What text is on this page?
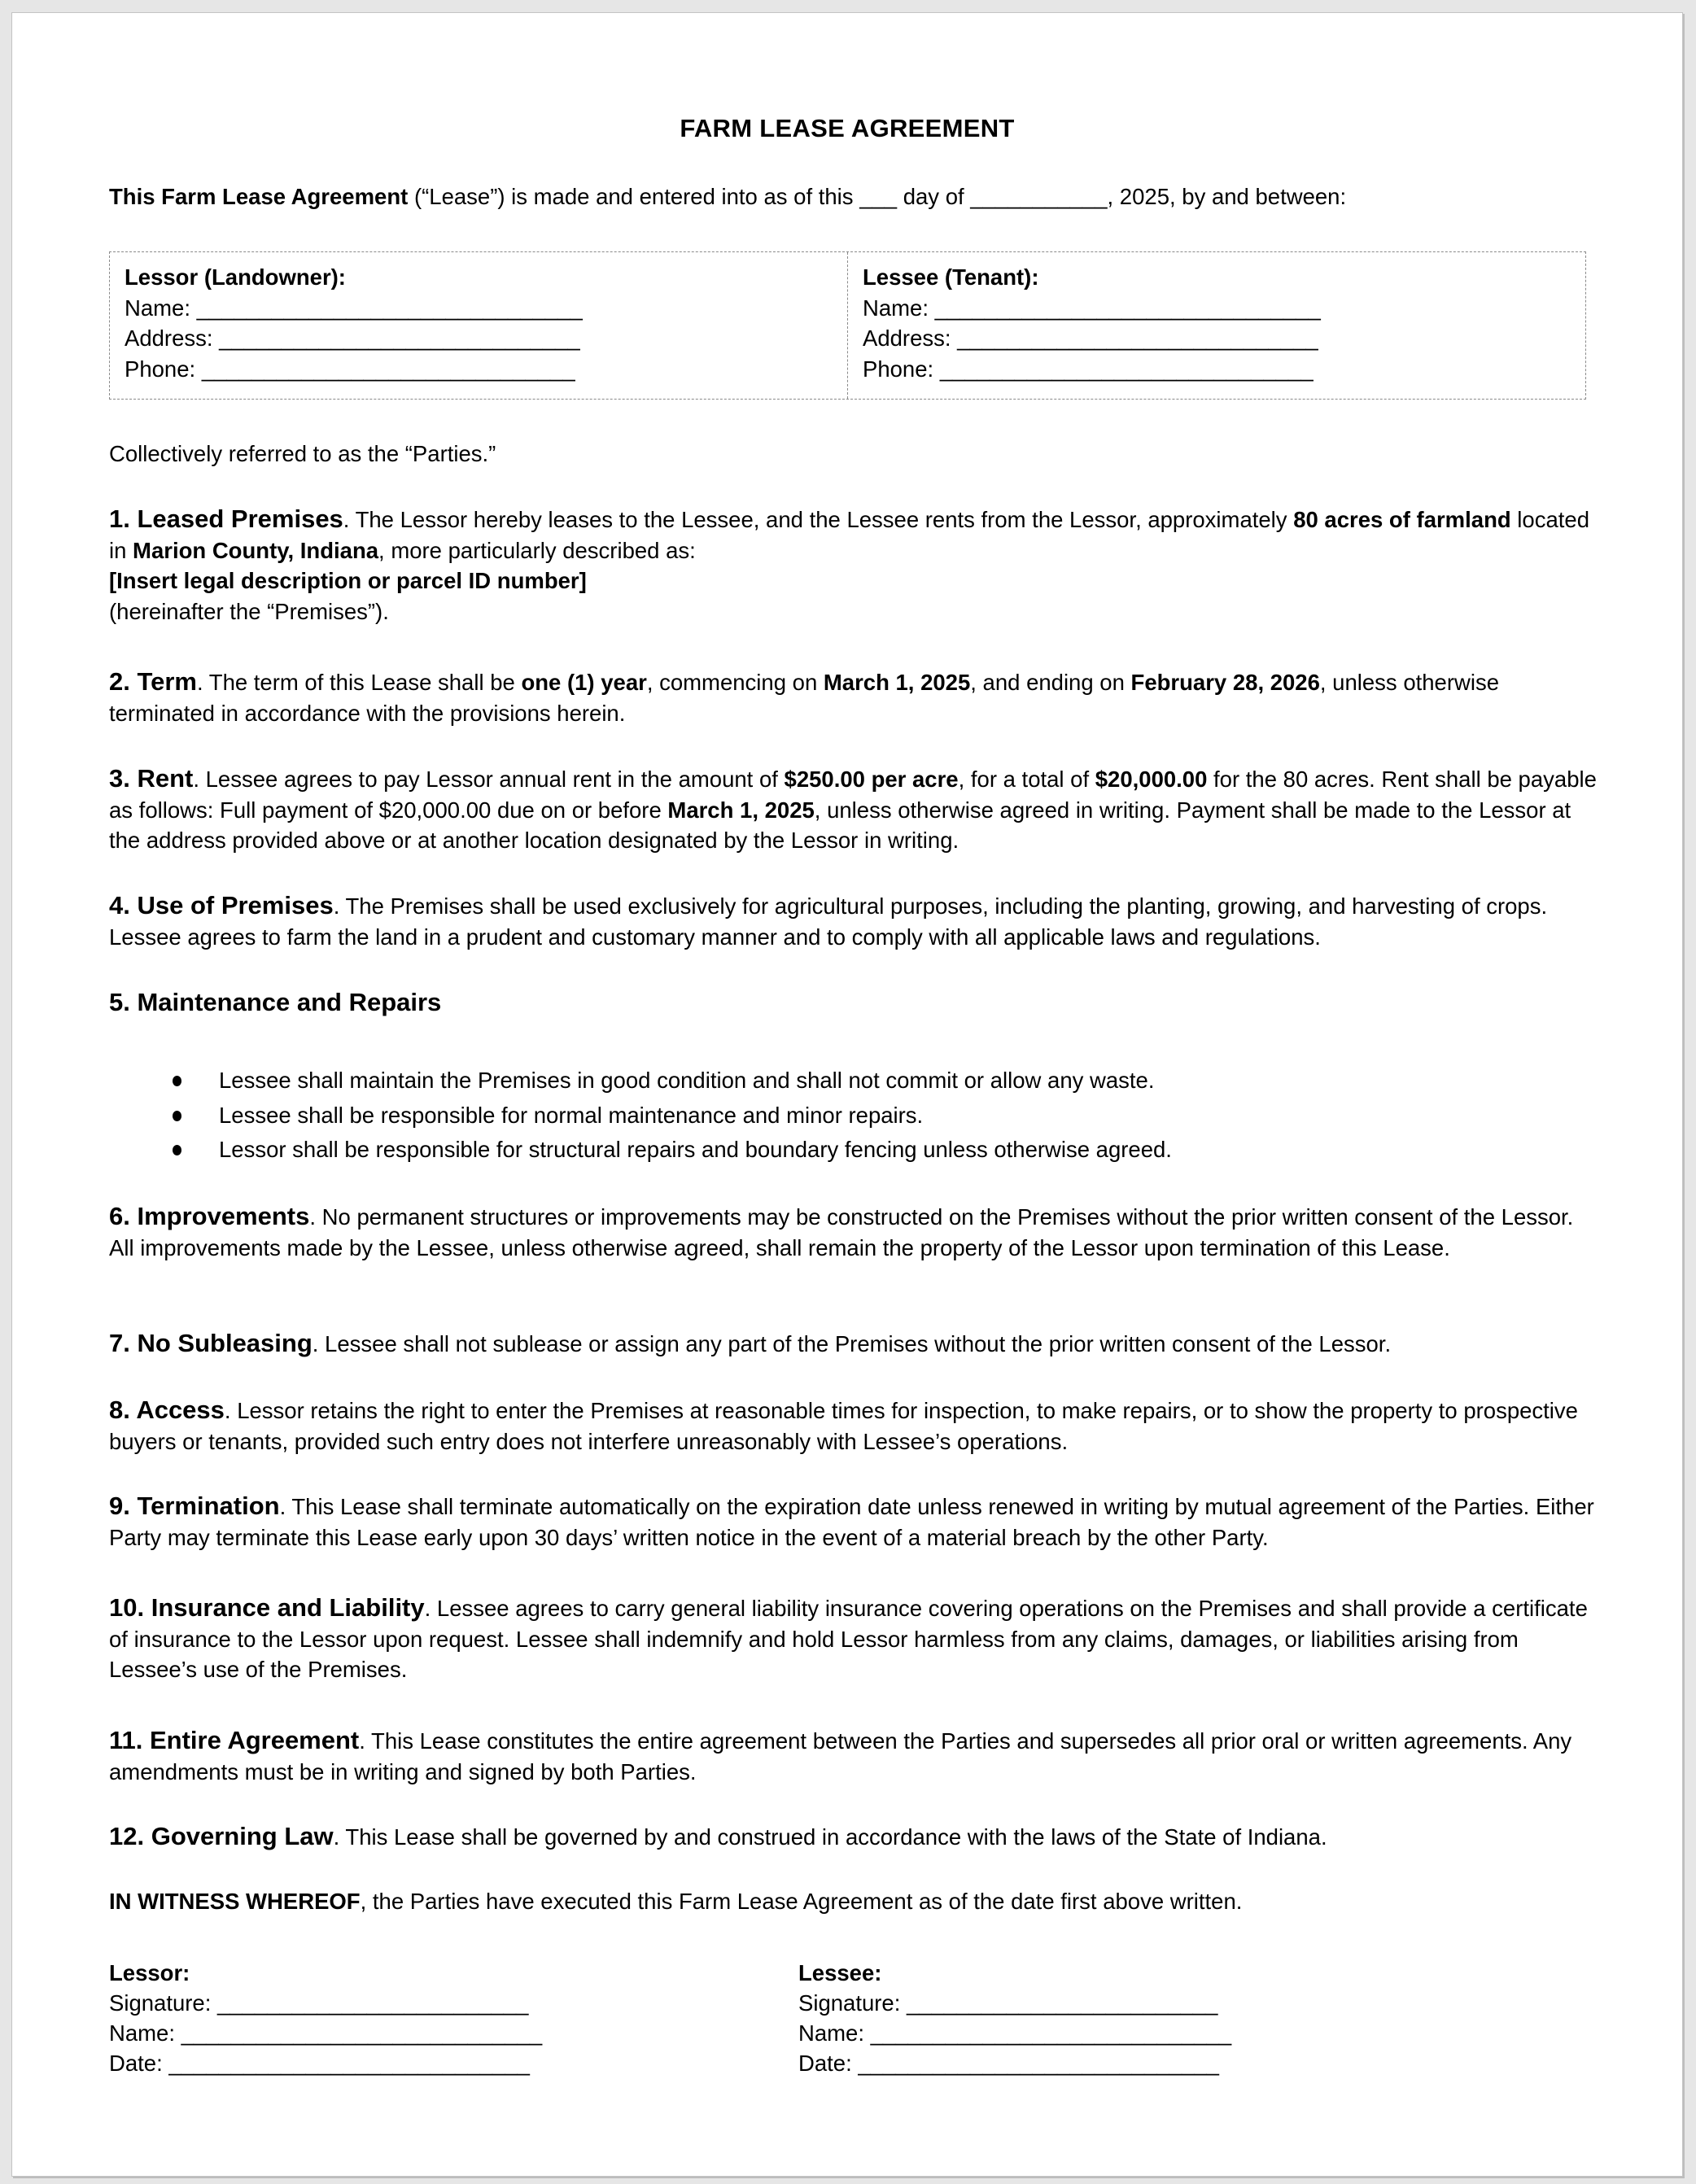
FARM LEASE AGREEMENT
This Farm Lease Agreement (“Lease”) is made and entered into as of this ___ day of ___________, 2025, by and between:
Lessor (Landowner):
Name: _______________________________
Address: _____________________________
Phone: ______________________________
Lessee (Tenant):
Name: _______________________________
Address: _____________________________
Phone: ______________________________
Collectively referred to as the “Parties.”
1. Leased Premises. The Lessor hereby leases to the Lessee, and the Lessee rents from the Lessor, approximately 80 acres of farmland located in Marion County, Indiana, more particularly described as:
[Insert legal description or parcel ID number]
(hereinafter the “Premises”).
2. Term. The term of this Lease shall be one (1) year, commencing on March 1, 2025, and ending on February 28, 2026, unless otherwise terminated in accordance with the provisions herein.
3. Rent. Lessee agrees to pay Lessor annual rent in the amount of $250.00 per acre, for a total of $20,000.00 for the 80 acres. Rent shall be payable as follows: Full payment of $20,000.00 due on or before March 1, 2025, unless otherwise agreed in writing. Payment shall be made to the Lessor at the address provided above or at another location designated by the Lessor in writing.
4. Use of Premises. The Premises shall be used exclusively for agricultural purposes, including the planting, growing, and harvesting of crops. Lessee agrees to farm the land in a prudent and customary manner and to comply with all applicable laws and regulations.
5. Maintenance and Repairs
Lessee shall maintain the Premises in good condition and shall not commit or allow any waste.
Lessee shall be responsible for normal maintenance and minor repairs.
Lessor shall be responsible for structural repairs and boundary fencing unless otherwise agreed.
6. Improvements. No permanent structures or improvements may be constructed on the Premises without the prior written consent of the Lessor. All improvements made by the Lessee, unless otherwise agreed, shall remain the property of the Lessor upon termination of this Lease.
7. No Subleasing. Lessee shall not sublease or assign any part of the Premises without the prior written consent of the Lessor.
8. Access. Lessor retains the right to enter the Premises at reasonable times for inspection, to make repairs, or to show the property to prospective buyers or tenants, provided such entry does not interfere unreasonably with Lessee’s operations.
9. Termination. This Lease shall terminate automatically on the expiration date unless renewed in writing by mutual agreement of the Parties. Either Party may terminate this Lease early upon 30 days’ written notice in the event of a material breach by the other Party.
10. Insurance and Liability. Lessee agrees to carry general liability insurance covering operations on the Premises and shall provide a certificate of insurance to the Lessor upon request. Lessee shall indemnify and hold Lessor harmless from any claims, damages, or liabilities arising from Lessee’s use of the Premises.
11. Entire Agreement. This Lease constitutes the entire agreement between the Parties and supersedes all prior oral or written agreements. Any amendments must be in writing and signed by both Parties.
12. Governing Law. This Lease shall be governed by and construed in accordance with the laws of the State of Indiana.
IN WITNESS WHEREOF, the Parties have executed this Farm Lease Agreement as of the date first above written.
Lessor:
Signature: _________________________
Name: _____________________________
Date: _____________________________
Lessee:
Signature: _________________________
Name: _____________________________
Date: _____________________________
